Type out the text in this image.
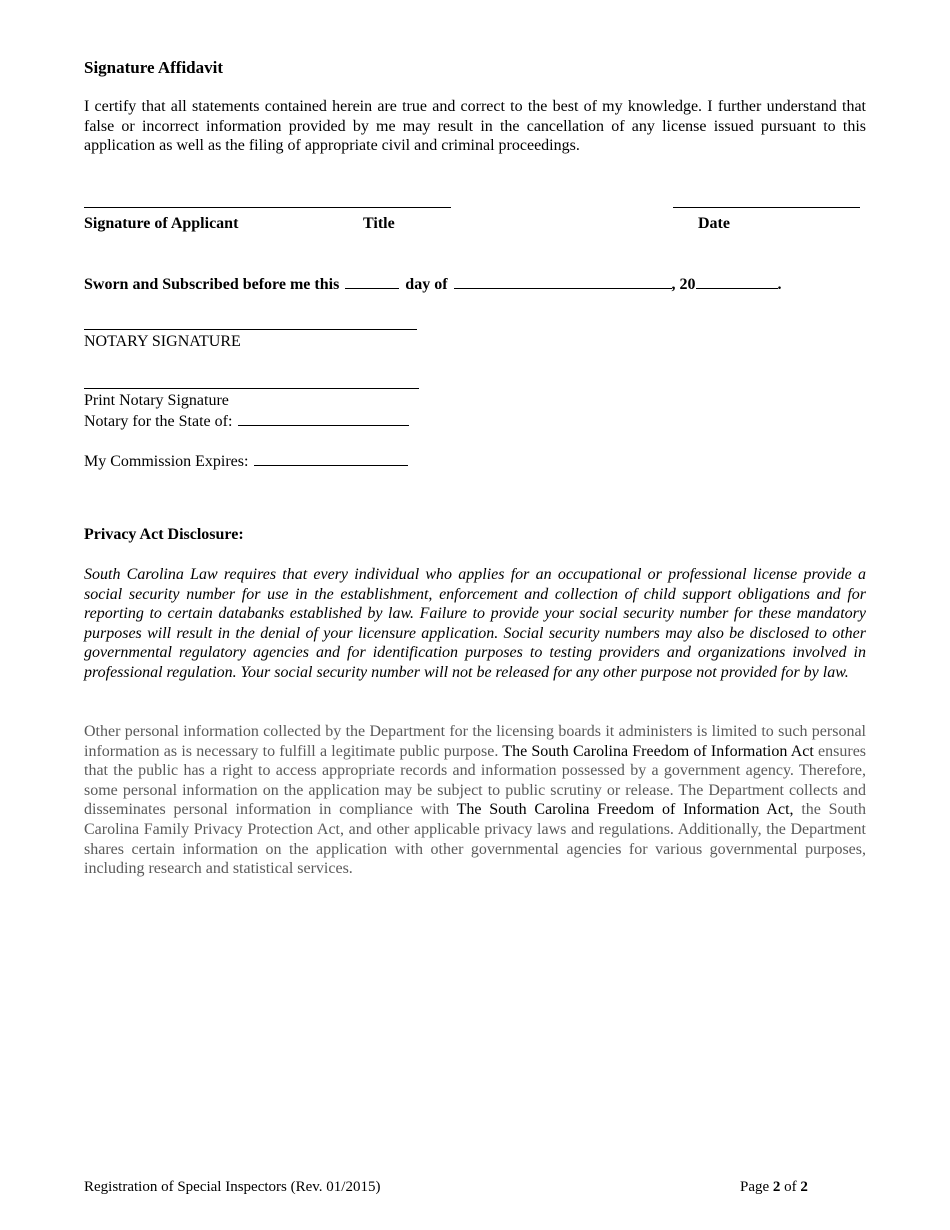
Signature Affidavit

I certify that all statements contained herein are true and correct to the best of my knowledge. I further understand that false or incorrect information provided by me may result in the cancellation of any license issued pursuant to this application as well as the filing of appropriate civil and criminal proceedings.

Signature of Applicant	Title	Date
Sworn and Subscribed before me this	day of	, 20	.
NOTARY SIGNATURE
Print Notary Signature
Notary for the State of:
My Commission Expires:
Privacy Act Disclosure:

South Carolina Law requires that every individual who applies for an occupational or professional license provide a social security number for use in the establishment, enforcement and collection of child support obligations and for reporting to certain databanks established by law. Failure to provide your social security number for these mandatory purposes will result in the denial of your licensure application. Social security numbers may also be disclosed to other governmental regulatory agencies and for identification purposes to testing providers and organizations involved in professional regulation. Your social security number will not be released for any other purpose not provided for by law.

Other personal information collected by the Department for the licensing boards it administers is limited to such personal information as is necessary to fulfill a legitimate public purpose. The South Carolina Freedom of Information Act ensures that the public has a right to access appropriate records and information possessed by a government agency. Therefore, some personal information on the application may be subject to public scrutiny or release. The Department collects and disseminates personal information in compliance with The South Carolina Freedom of Information Act, the South Carolina Family Privacy Protection Act, and other applicable privacy laws and regulations. Additionally, the Department shares certain information on the application with other governmental agencies for various governmental purposes, including research and statistical services.

Registration of Special Inspectors (Rev. 01/2015)	Page 2 of 2
